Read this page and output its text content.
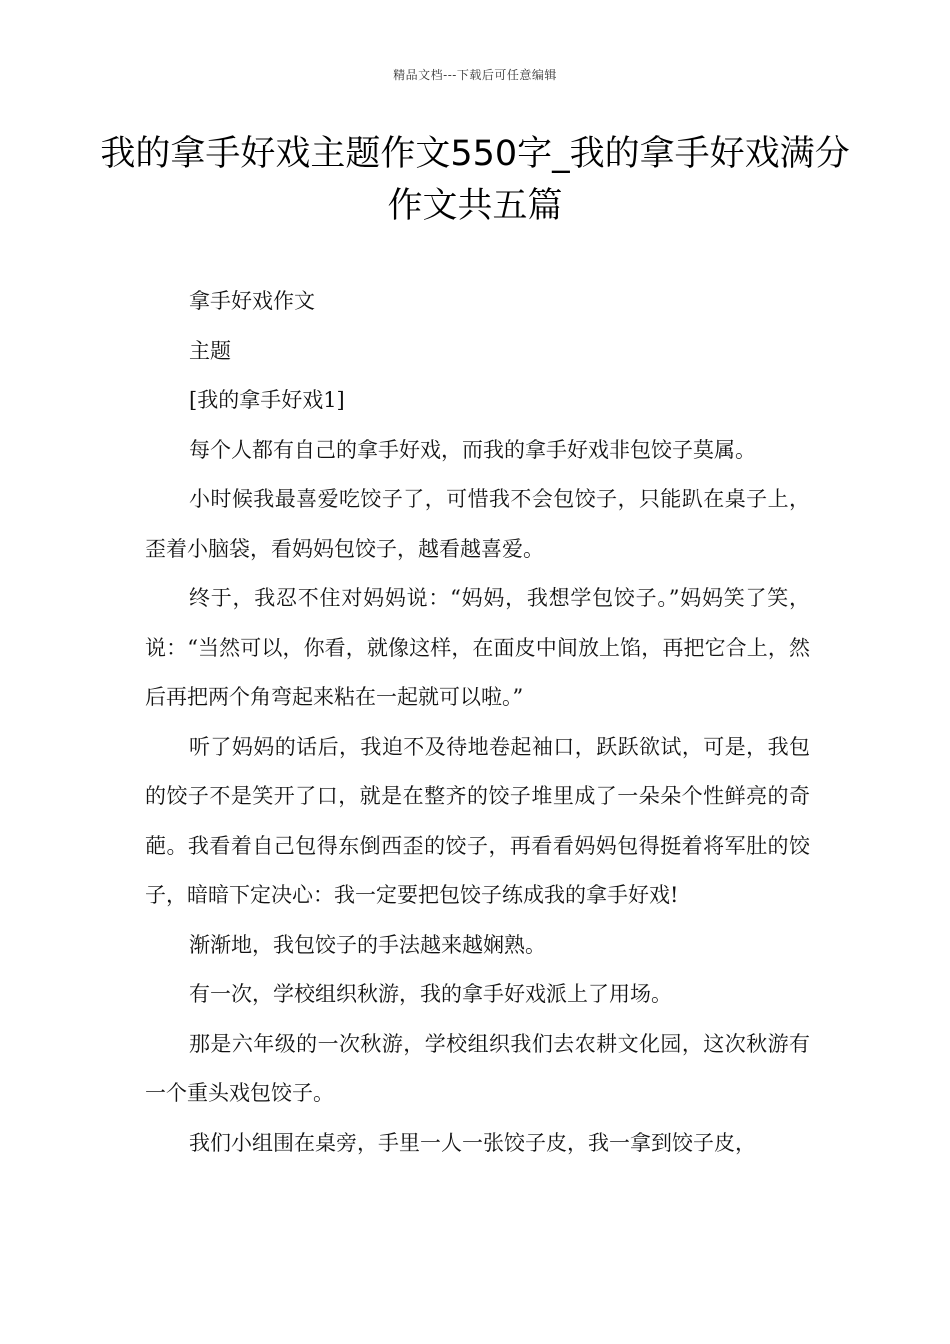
精品文档---下载后可任意编辑
我的拿手好戏主题作文550字_我的拿手好戏满分作文共五篇

拿手好戏作文

主题

[我的拿手好戏1]

每个人都有自己的拿手好戏，而我的拿手好戏非包饺子莫属。

小时候我最喜爱吃饺子了，可惜我不会包饺子，只能趴在桌子上，歪着小脑袋，看妈妈包饺子，越看越喜爱。

终于，我忍不住对妈妈说：“妈妈，我想学包饺子。”妈妈笑了笑，说：“当然可以，你看，就像这样，在面皮中间放上馅，再把它合上，然后再把两个角弯起来粘在一起就可以啦。”

听了妈妈的话后，我迫不及待地卷起袖口，跃跃欲试，可是，我包的饺子不是笑开了口，就是在整齐的饺子堆里成了一朵朵个性鲜亮的奇葩。我看着自己包得东倒西歪的饺子，再看看妈妈包得挺着将军肚的饺子，暗暗下定决心：我一定要把包饺子练成我的拿手好戏!

渐渐地，我包饺子的手法越来越娴熟。

有一次，学校组织秋游，我的拿手好戏派上了用场。

那是六年级的一次秋游，学校组织我们去农耕文化园，这次秋游有一个重头戏包饺子。

我们小组围在桌旁，手里一人一张饺子皮，我一拿到饺子皮，
